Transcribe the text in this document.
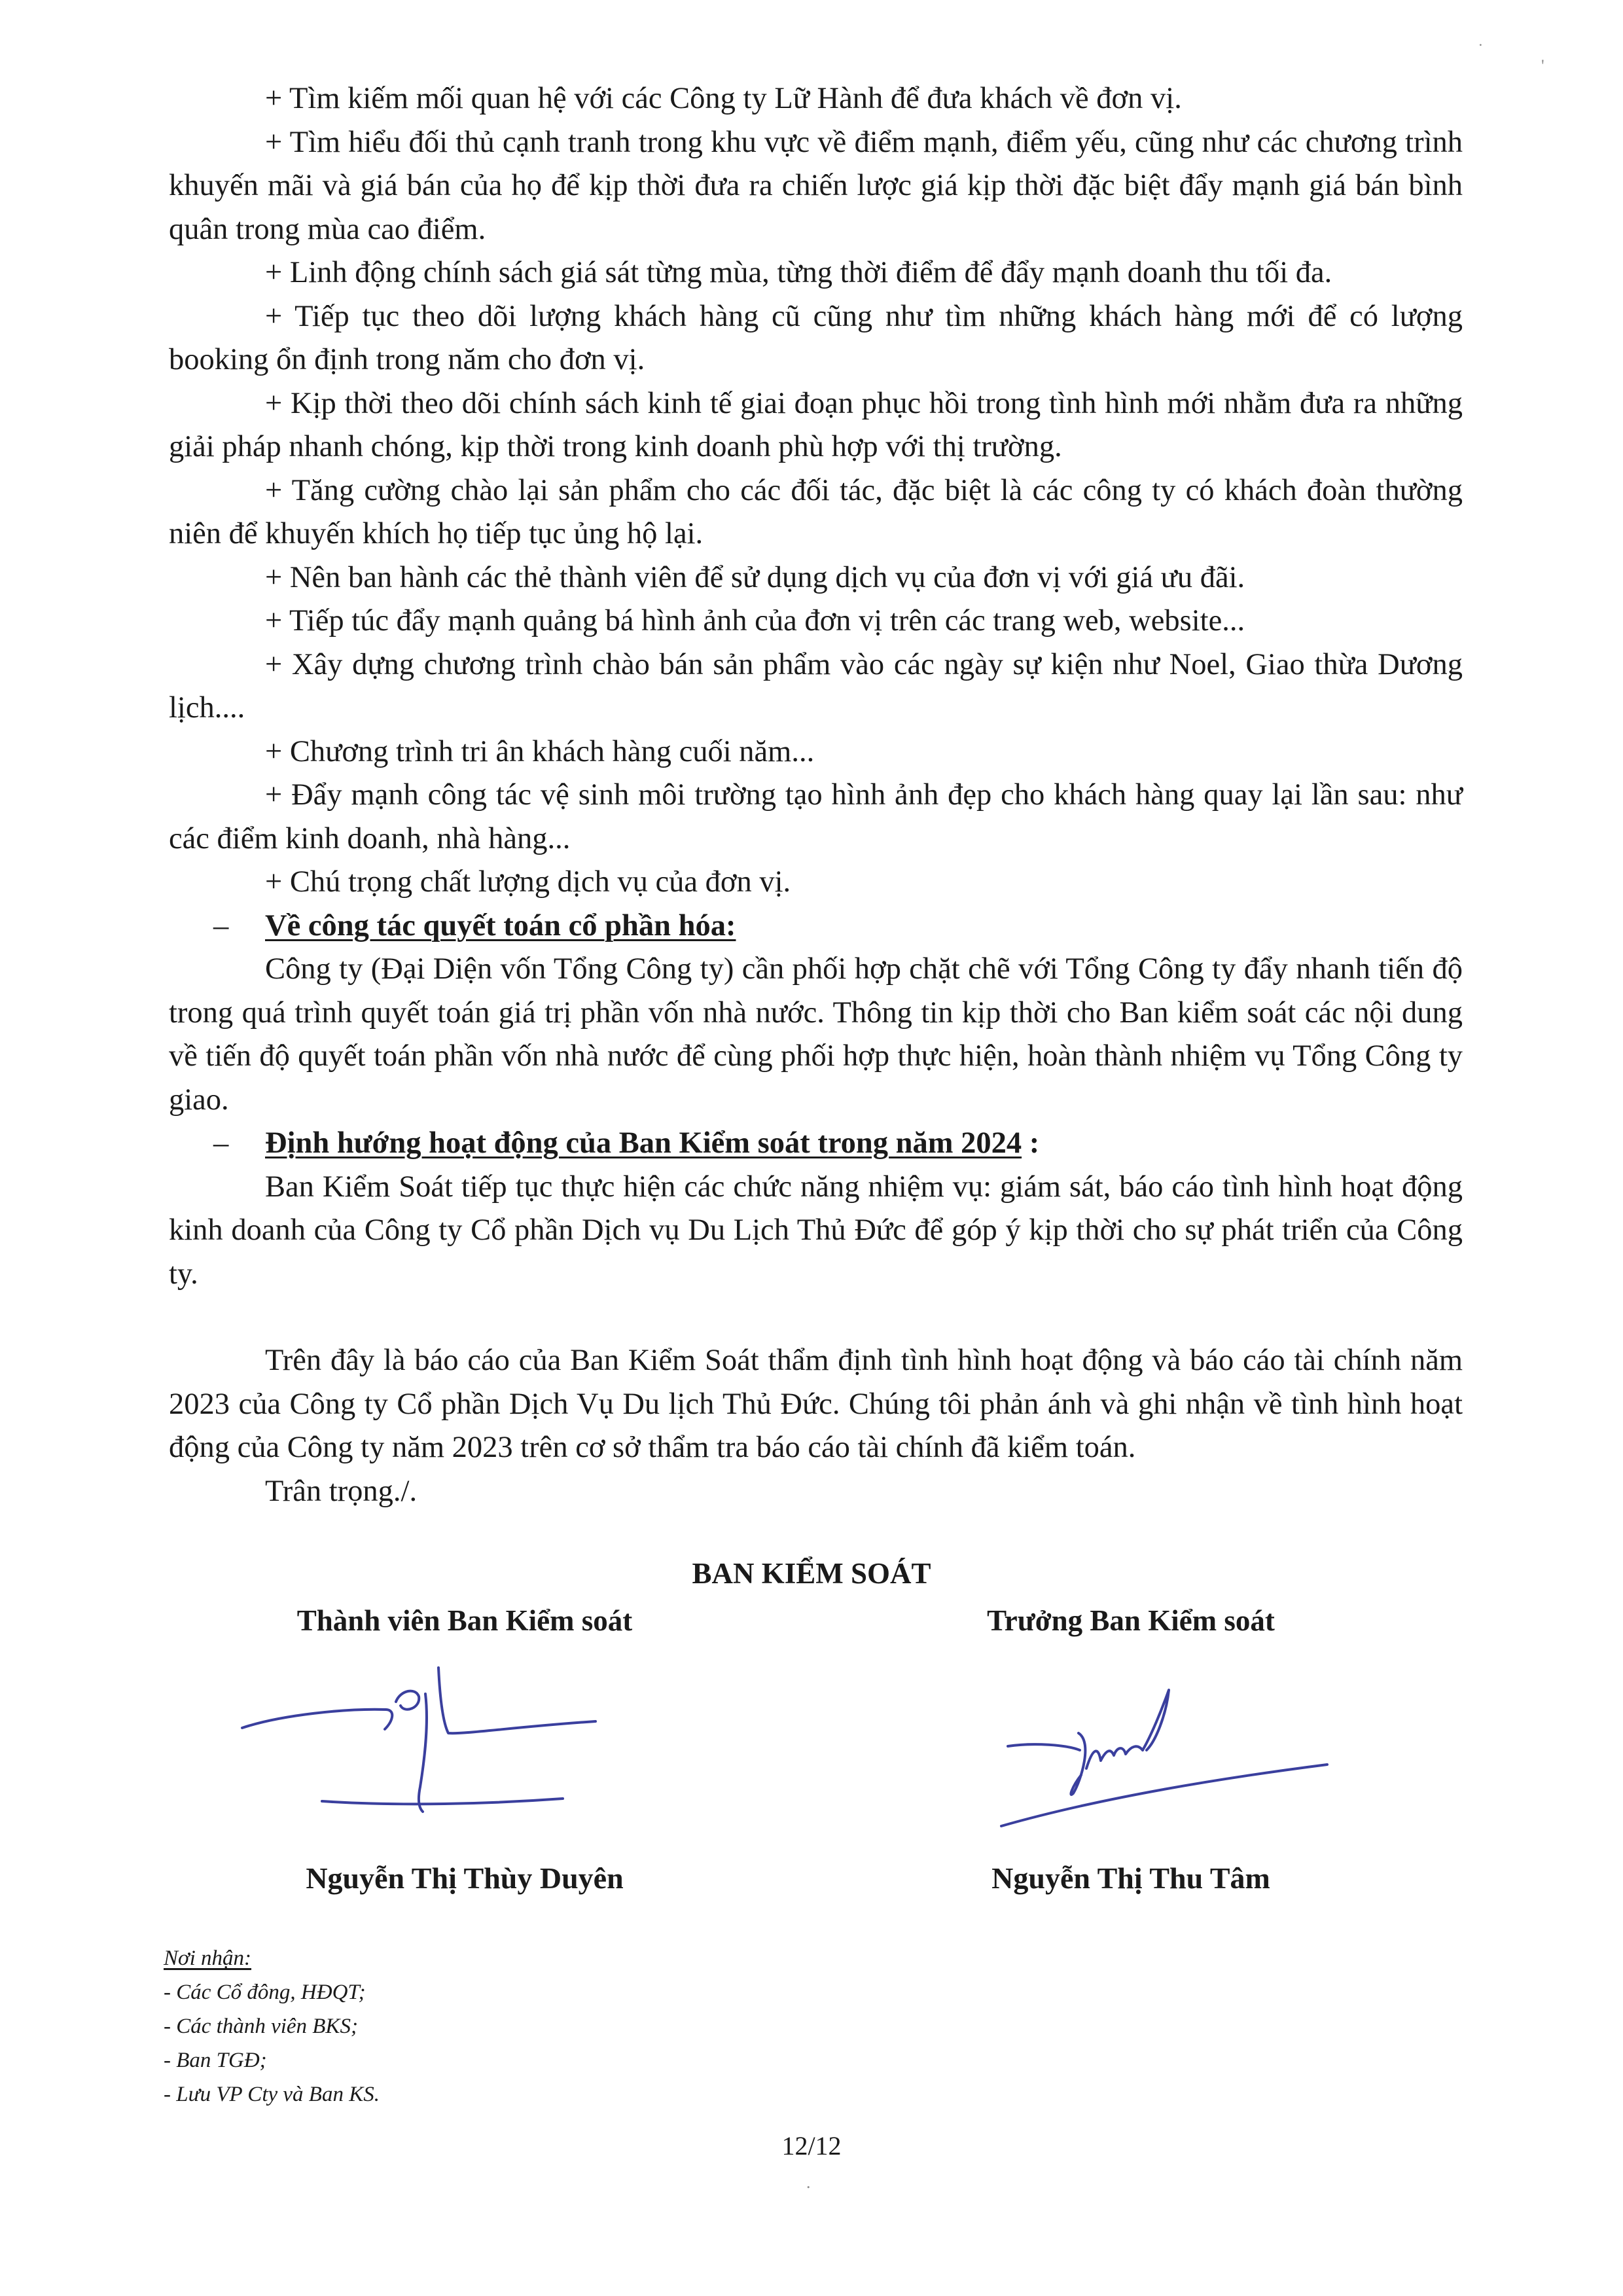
+ Tìm kiếm mối quan hệ với các Công ty Lữ Hành để đưa khách về đơn vị.

+ Tìm hiểu đối thủ cạnh tranh trong khu vực về điểm mạnh, điểm yếu, cũng như các chương trình khuyến mãi và giá bán của họ để kịp thời đưa ra chiến lược giá kịp thời đặc biệt đẩy mạnh giá bán bình quân trong mùa cao điểm.

+ Linh động chính sách giá sát từng mùa, từng thời điểm để đẩy mạnh doanh thu tối đa.

+ Tiếp tục theo dõi lượng khách hàng cũ cũng như tìm những khách hàng mới để có lượng booking ổn định trong năm cho đơn vị.

+ Kịp thời theo dõi chính sách kinh tế giai đoạn phục hồi trong tình hình mới nhằm đưa ra những giải pháp nhanh chóng, kịp thời trong kinh doanh phù hợp với thị trường.

+ Tăng cường chào lại sản phẩm cho các đối tác, đặc biệt là các công ty có khách đoàn thường niên để khuyến khích họ tiếp tục ủng hộ lại.

+ Nên ban hành các thẻ thành viên để sử dụng dịch vụ của đơn vị với giá ưu đãi.

+ Tiếp túc đẩy mạnh quảng bá hình ảnh của đơn vị trên các trang web, website...

+ Xây dựng chương trình chào bán sản phẩm vào các ngày sự kiện như Noel, Giao thừa Dương lịch....

+ Chương trình tri ân khách hàng cuối năm...

+ Đẩy mạnh công tác vệ sinh môi trường tạo hình ảnh đẹp cho khách hàng quay lại lần sau: như các điểm kinh doanh, nhà hàng...

+ Chú trọng chất lượng dịch vụ của đơn vị.

– Về công tác quyết toán cổ phần hóa:

Công ty (Đại Diện vốn Tổng Công ty) cần phối hợp chặt chẽ với Tổng Công ty đẩy nhanh tiến độ trong quá trình quyết toán giá trị phần vốn nhà nước. Thông tin kịp thời cho Ban kiểm soát các nội dung về tiến độ quyết toán phần vốn nhà nước để cùng phối hợp thực hiện, hoàn thành nhiệm vụ Tổng Công ty giao.

– Định hướng hoạt động của Ban Kiểm soát trong năm 2024 :

Ban Kiểm Soát tiếp tục thực hiện các chức năng nhiệm vụ: giám sát, báo cáo tình hình hoạt động kinh doanh của Công ty Cổ phần Dịch vụ Du Lịch Thủ Đức để góp ý kịp thời cho sự phát triển của Công ty.

Trên đây là báo cáo của Ban Kiểm Soát thẩm định tình hình hoạt động và báo cáo tài chính năm 2023 của Công ty Cổ phần Dịch Vụ Du lịch Thủ Đức. Chúng tôi phản ánh và ghi nhận về tình hình hoạt động của Công ty năm 2023 trên cơ sở thẩm tra báo cáo tài chính đã kiểm toán.

Trân trọng./.

BAN KIỂM SOÁT
Thành viên Ban Kiểm soát	Trưởng Ban Kiểm soát
Nguyễn Thị Thùy Duyên	Nguyễn Thị Thu Tâm
Nơi nhận:
- Các Cổ đông, HĐQT;
- Các thành viên BKS;
- Ban TGĐ;
- Lưu VP Cty và Ban KS.
12/12
˙
'
.
